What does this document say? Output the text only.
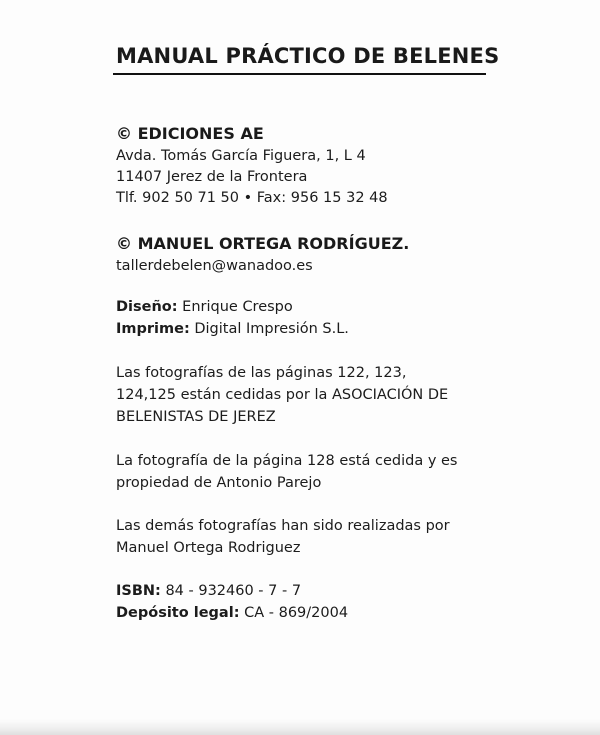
MANUAL PRÁCTICO DE BELENES
© EDICIONES AE
Avda. Tomás García Figuera, 1, L 4
11407 Jerez de la Frontera
Tlf. 902 50 71 50 • Fax: 956 15 32 48
© MANUEL ORTEGA RODRÍGUEZ.
tallerdebelen@wanadoo.es
Diseño: Enrique Crespo
Imprime: Digital Impresión S.L.
Las fotografías de las páginas 122, 123,
124,125 están cedidas por la ASOCIACIÓN DE
BELENISTAS DE JEREZ
La fotografía de la página 128 está cedida y es
propiedad de Antonio Parejo
Las demás fotografías han sido realizadas por
Manuel Ortega Rodriguez
ISBN: 84 - 932460 - 7 - 7
Depósito legal: CA - 869/2004
